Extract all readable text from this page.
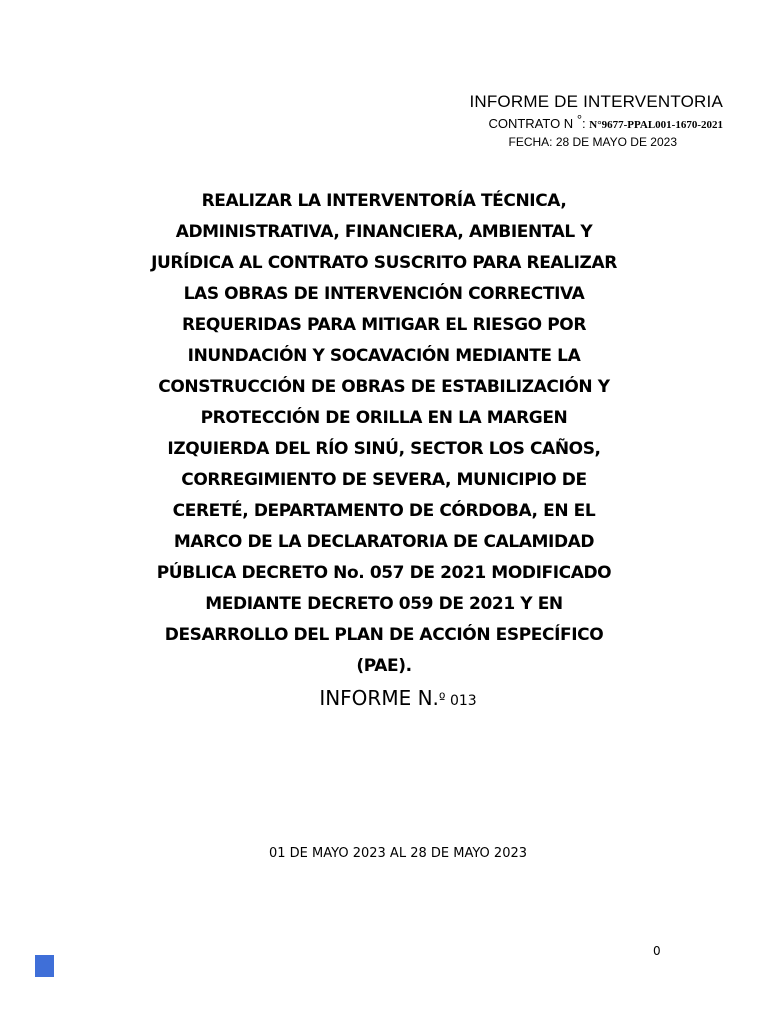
INFORME DE INTERVENTORIA
CONTRATO N °: N°9677-PPAL001-1670-2021
FECHA: 28 DE MAYO DE 2023
REALIZAR LA INTERVENTORÍA TÉCNICA,
ADMINISTRATIVA, FINANCIERA, AMBIENTAL Y
JURÍDICA AL CONTRATO SUSCRITO PARA REALIZAR
LAS OBRAS DE INTERVENCIÓN CORRECTIVA
REQUERIDAS PARA MITIGAR EL RIESGO POR
INUNDACIÓN Y SOCAVACIÓN MEDIANTE LA
CONSTRUCCIÓN DE OBRAS DE ESTABILIZACIÓN Y
PROTECCIÓN DE ORILLA EN LA MARGEN
IZQUIERDA DEL RÍO SINÚ, SECTOR LOS CAÑOS,
CORREGIMIENTO DE SEVERA, MUNICIPIO DE
CERETÉ, DEPARTAMENTO DE CÓRDOBA, EN EL
MARCO DE LA DECLARATORIA DE CALAMIDAD
PÚBLICA DECRETO No. 057 DE 2021 MODIFICADO
MEDIANTE DECRETO 059 DE 2021 Y EN
DESARROLLO DEL PLAN DE ACCIÓN ESPECÍFICO
(PAE).
INFORME N.º 013
01 DE MAYO 2023 AL 28 DE MAYO 2023
0
